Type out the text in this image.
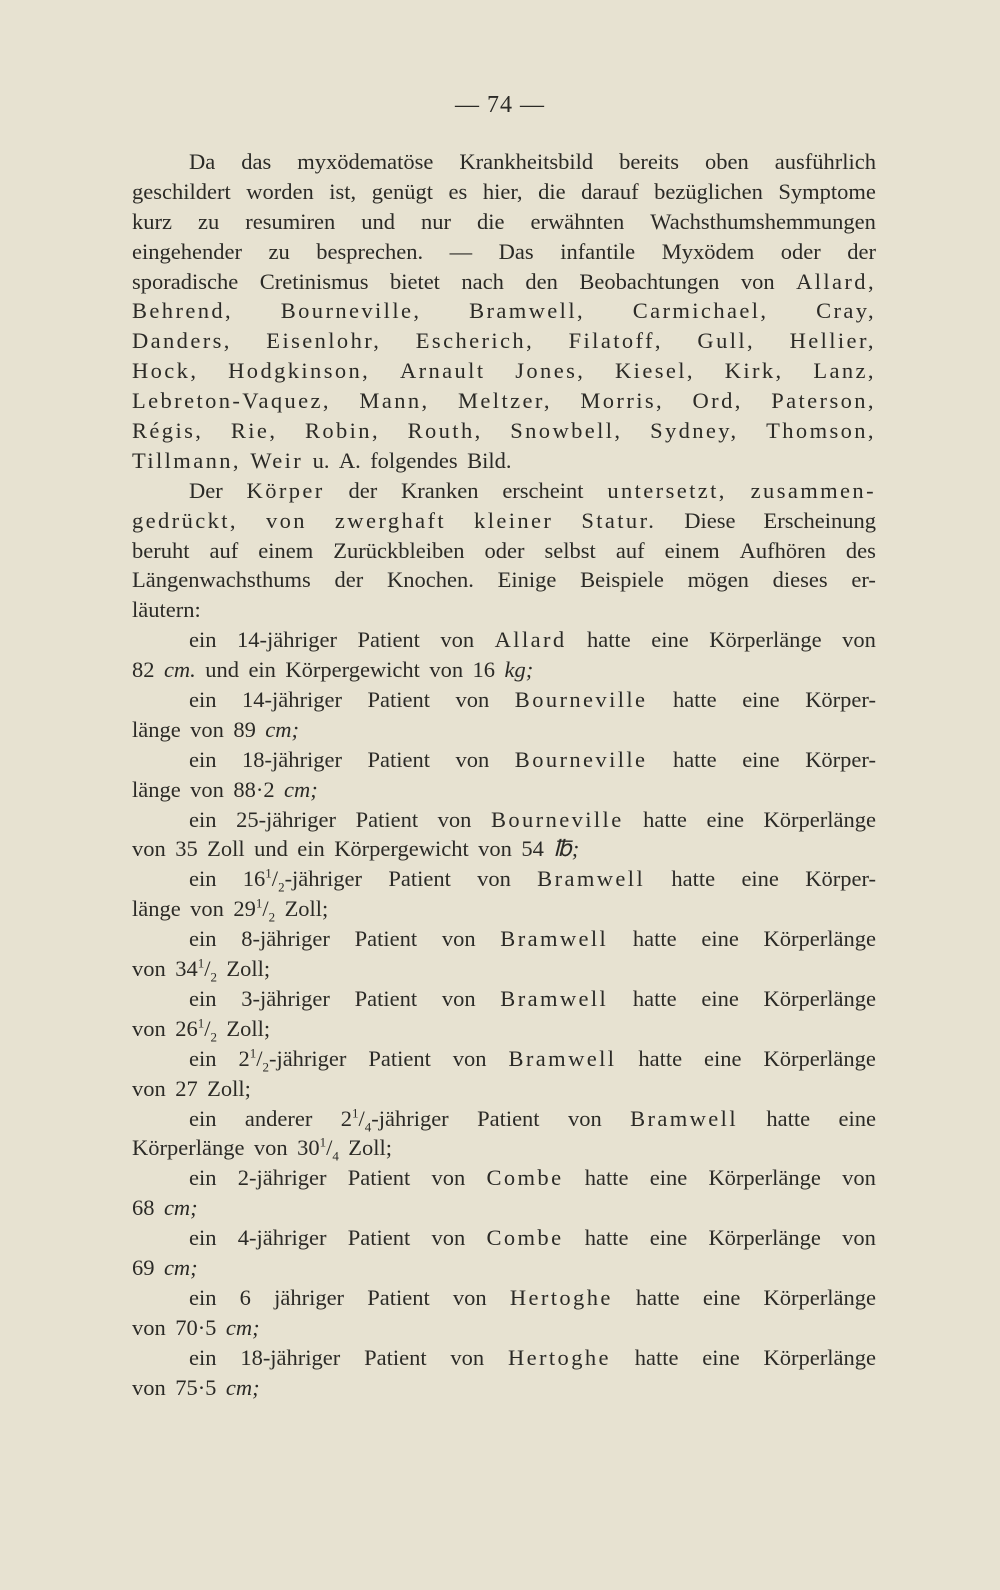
— 74 —
Da das myxödematöse Krankheitsbild bereits oben ausführlich
geschildert worden ist, genügt es hier, die darauf bezüglichen Symptome
kurz zu resumiren und nur die erwähnten Wachsthumshemmungen
eingehender zu besprechen. — Das infantile Myxödem oder der
sporadische Cretinismus bietet nach den Beobachtungen von Allard,
Behrend, Bourneville, Bramwell, Carmichael, Cray,
Danders, Eisenlohr, Escherich, Filatoff, Gull, Hellier,
Hock, Hodgkinson, Arnault Jones, Kiesel, Kirk, Lanz,
Lebreton-Vaquez, Mann, Meltzer, Morris, Ord, Paterson,
Régis, Rie, Robin, Routh, Snowbell, Sydney, Thomson,
Tillmann, Weir u. A. folgendes Bild.
Der Körper der Kranken erscheint untersetzt, zusammen-
gedrückt, von zwerghaft kleiner Statur. Diese Erscheinung
beruht auf einem Zurückbleiben oder selbst auf einem Aufhören des
Längenwachsthums der Knochen. Einige Beispiele mögen dieses er-
läutern:
ein 14-jähriger Patient von Allard hatte eine Körperlänge von
82 cm. und ein Körpergewicht von 16 kg;
ein 14-jähriger Patient von Bourneville hatte eine Körper-
länge von 89 cm;
ein 18-jähriger Patient von Bourneville hatte eine Körper-
länge von 88·2 cm;
ein 25-jähriger Patient von Bourneville hatte eine Körperlänge
von 35 Zoll und ein Körpergewicht von 54 ℔;
ein $16^1/_2$-jähriger Patient von Bramwell hatte eine Körper-
länge von $29^1/_2$ Zoll;
ein 8-jähriger Patient von Bramwell hatte eine Körperlänge
von $34^1/_2$ Zoll;
ein 3-jähriger Patient von Bramwell hatte eine Körperlänge
von $26^1/_2$ Zoll;
ein $2^1/_2$-jähriger Patient von Bramwell hatte eine Körperlänge
von 27 Zoll;
ein anderer $2^1/_4$-jähriger Patient von Bramwell hatte eine
Körperlänge von $30^1/_4$ Zoll;
ein 2-jähriger Patient von Combe hatte eine Körperlänge von
68 cm;
ein 4-jähriger Patient von Combe hatte eine Körperlänge von
69 cm;
ein 6 jähriger Patient von Hertoghe hatte eine Körperlänge
von 70·5 cm;
ein 18-jähriger Patient von Hertoghe hatte eine Körperlänge
von 75·5 cm;
